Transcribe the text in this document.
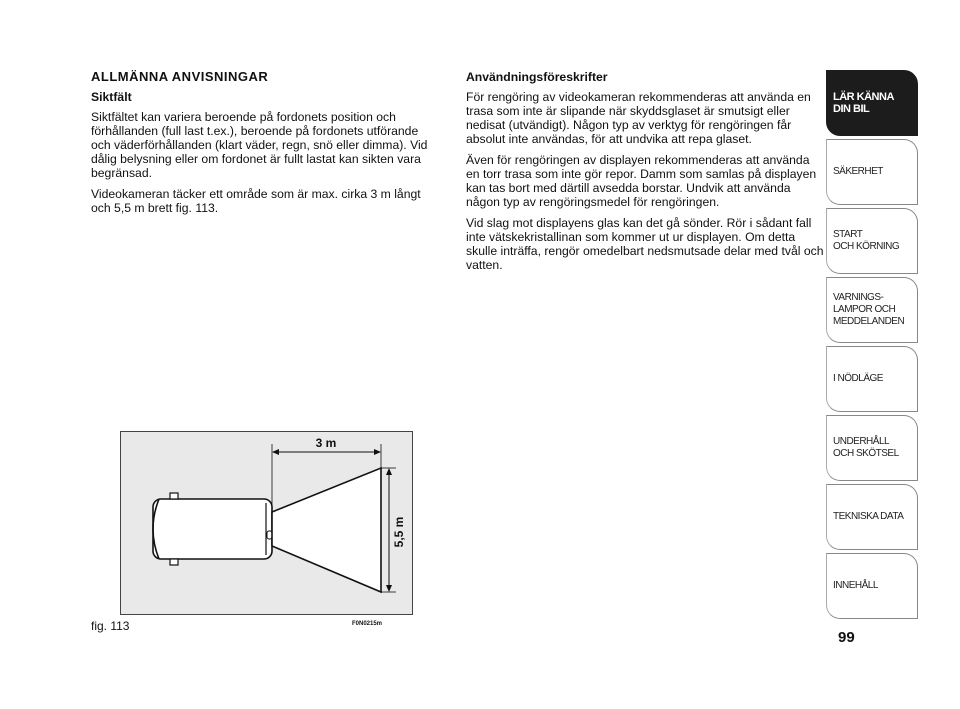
ALLMÄNNA ANVISNINGAR

Siktfält

Siktfältet kan variera beroende på fordonets position och förhållanden (full last t.ex.), beroende på fordonets utförande och väderförhållanden (klart väder, regn, snö eller dimma). Vid dålig belysning eller om fordonet är fullt lastat kan sikten vara begränsad.

Videokameran täcker ett område som är max. cirka 3 m långt och 5,5 m brett fig. 113.

Användningsföreskrifter

För rengöring av videokameran rekommenderas att använda en trasa som inte är slipande när skyddsglaset är smutsigt eller nedisat (utvändigt). Någon typ av verktyg för rengöringen får absolut inte användas, för att undvika att repa glaset.

Även för rengöringen av displayen rekommenderas att använda en torr trasa som inte gör repor. Damm som samlas på displayen kan tas bort med därtill avsedda borstar. Undvik att använda någon typ av rengöringsmedel för rengöringen.

Vid slag mot displayens glas kan det gå sönder. Rör i sådant fall inte vätskekristallinan som kommer ut ur displayen. Om detta skulle inträffa, rengör omedelbart nedsmutsade delar med tvål och vatten.

3 m
5,5 m
fig. 113	F0N0215m
LÄR KÄNNA
DIN BIL
SÄKERHET
START
OCH KÖRNING
VARNINGS-
LAMPOR OCH
MEDDELANDEN
I NÖDLÄGE
UNDERHÅLL
OCH SKÖTSEL
TEKNISKA DATA
INNEHÅLL
99
